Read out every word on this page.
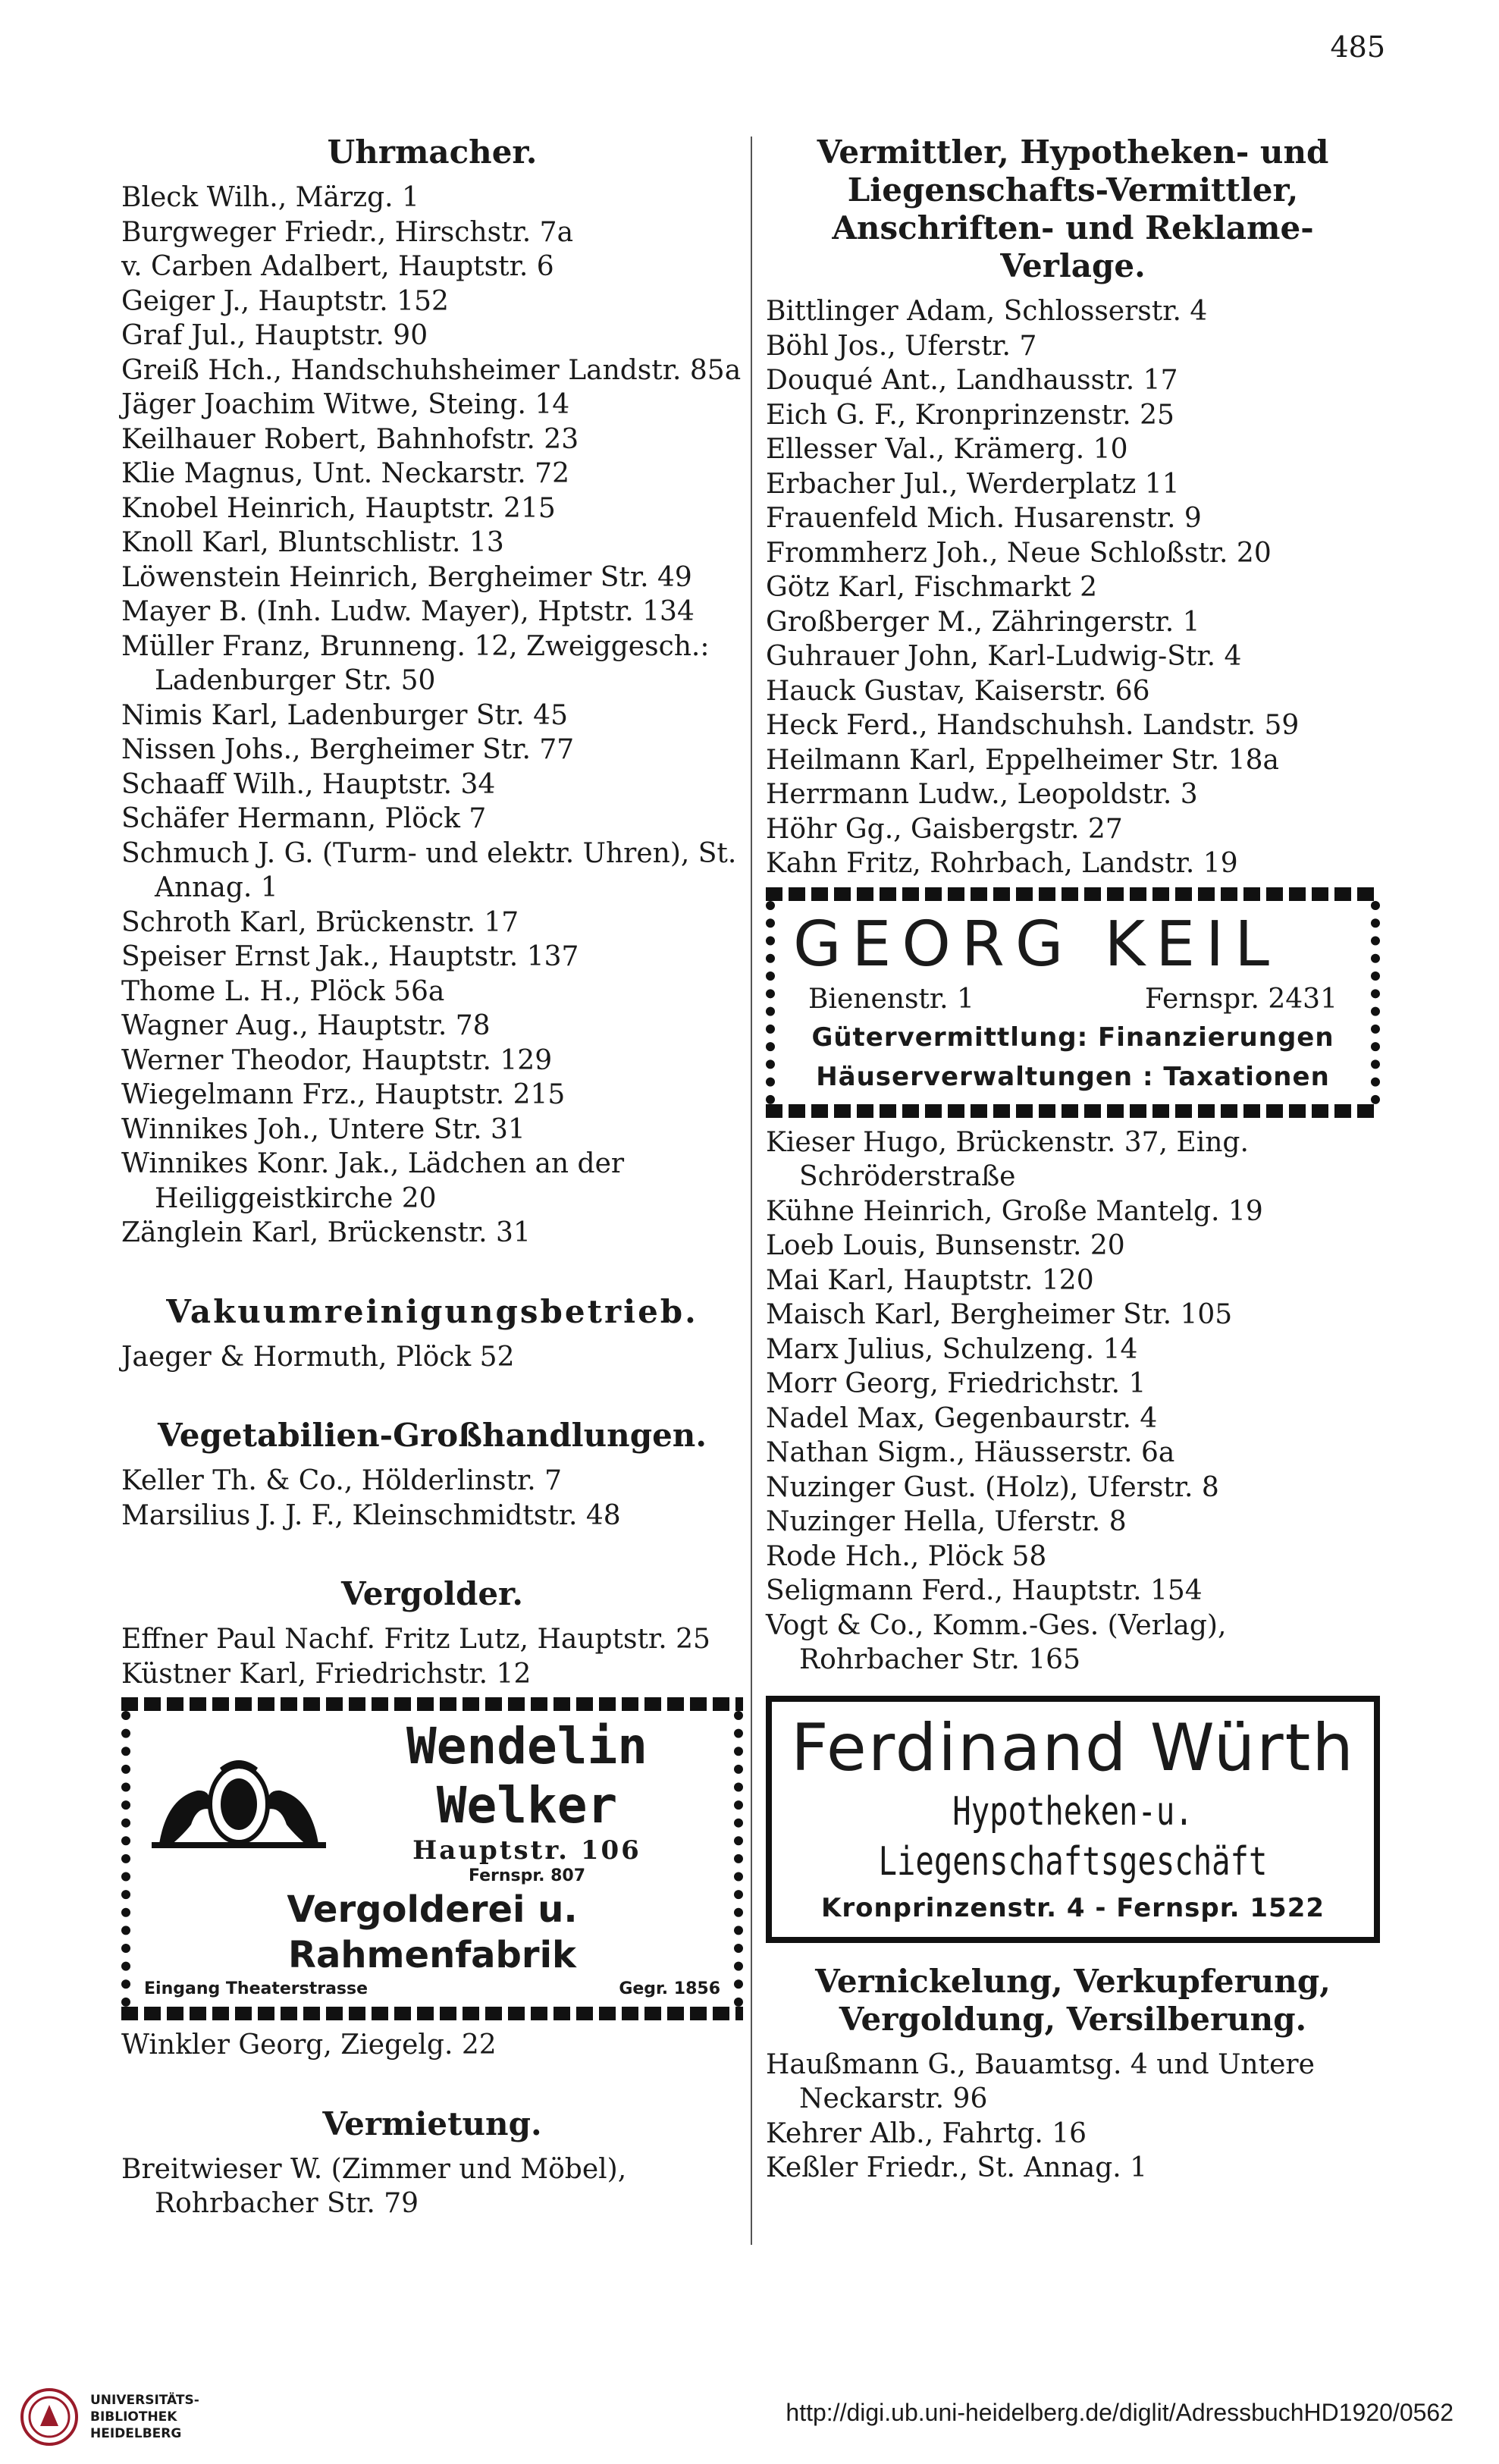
485
Uhrmacher.
Bleck Wilh., Märzg. 1
Burgweger Friedr., Hirschstr. 7a
v. Carben Adalbert, Hauptstr. 6
Geiger J., Hauptstr. 152
Graf Jul., Hauptstr. 90
Greiß Hch., Handschuhsheimer Landstr. 85a
Jäger Joachim Witwe, Steing. 14
Keilhauer Robert, Bahnhofstr. 23
Klie Magnus, Unt. Neckarstr. 72
Knobel Heinrich, Hauptstr. 215
Knoll Karl, Bluntschlistr. 13
Löwenstein Heinrich, Bergheimer Str. 49
Mayer B. (Inh. Ludw. Mayer), Hptstr. 134
Müller Franz, Brunneng. 12, Zweiggesch.: Ladenburger Str. 50
Nimis Karl, Ladenburger Str. 45
Nissen Johs., Bergheimer Str. 77
Schaaff Wilh., Hauptstr. 34
Schäfer Hermann, Plöck 7
Schmuch J. G. (Turm- und elektr. Uhren), St. Annag. 1
Schroth Karl, Brückenstr. 17
Speiser Ernst Jak., Hauptstr. 137
Thome L. H., Plöck 56a
Wagner Aug., Hauptstr. 78
Werner Theodor, Hauptstr. 129
Wiegelmann Frz., Hauptstr. 215
Winnikes Joh., Untere Str. 31
Winnikes Konr. Jak., Lädchen an der Heiliggeistkirche 20
Zänglein Karl, Brückenstr. 31
Vakuumreinigungsbetrieb.
Jaeger & Hormuth, Plöck 52
Vegetabilien-Großhandlungen.
Keller Th. & Co., Hölderlinstr. 7
Marsilius J. J. F., Kleinschmidtstr. 48
Vergolder.
Effner Paul Nachf. Fritz Lutz, Hauptstr. 25
Küstner Karl, Friedrichstr. 12
Wendelin Welker
Hauptstr. 106
Fernspr. 807
Vergolderei u. Rahmenfabrik
Eingang Theaterstrasse	Gegr. 1856
Winkler Georg, Ziegelg. 22
Vermietung.
Breitwieser W. (Zimmer und Möbel), Rohrbacher Str. 79
Vermittler, Hypotheken- und Liegenschafts-Vermittler, Anschriften- und Reklame-Verlage.
Bittlinger Adam, Schlosserstr. 4
Böhl Jos., Uferstr. 7
Douqué Ant., Landhausstr. 17
Eich G. F., Kronprinzenstr. 25
Ellesser Val., Krämerg. 10
Erbacher Jul., Werderplatz 11
Frauenfeld Mich. Husarenstr. 9
Frommherz Joh., Neue Schloßstr. 20
Götz Karl, Fischmarkt 2
Großberger M., Zähringerstr. 1
Guhrauer John, Karl-Ludwig-Str. 4
Hauck Gustav, Kaiserstr. 66
Heck Ferd., Handschuhsh. Landstr. 59
Heilmann Karl, Eppelheimer Str. 18a
Herrmann Ludw., Leopoldstr. 3
Höhr Gg., Gaisbergstr. 27
Kahn Fritz, Rohrbach, Landstr. 19
GEORG KEIL
Bienenstr. 1	Fernspr. 2431
Gütervermittlung: Finanzierungen
Häuserverwaltungen : Taxationen
Kieser Hugo, Brückenstr. 37, Eing. Schröderstraße
Kühne Heinrich, Große Mantelg. 19
Loeb Louis, Bunsenstr. 20
Mai Karl, Hauptstr. 120
Maisch Karl, Bergheimer Str. 105
Marx Julius, Schulzeng. 14
Morr Georg, Friedrichstr. 1
Nadel Max, Gegenbaurstr. 4
Nathan Sigm., Häusserstr. 6a
Nuzinger Gust. (Holz), Uferstr. 8
Nuzinger Hella, Uferstr. 8
Rode Hch., Plöck 58
Seligmann Ferd., Hauptstr. 154
Vogt & Co., Komm.-Ges. (Verlag), Rohrbacher Str. 165
Ferdinand Würth
Hypotheken-u. Liegenschaftsgeschäft
Kronprinzenstr. 4 - Fernspr. 1522
Vernickelung, Verkupferung, Vergoldung, Versilberung.
Haußmann G., Bauamtsg. 4 und Untere Neckarstr. 96
Kehrer Alb., Fahrtg. 16
Keßler Friedr., St. Annag. 1
UNIVERSITÄTS-
BIBLIOTHEK
HEIDELBERG
http://digi.ub.uni-heidelberg.de/diglit/AdressbuchHD1920/0562
